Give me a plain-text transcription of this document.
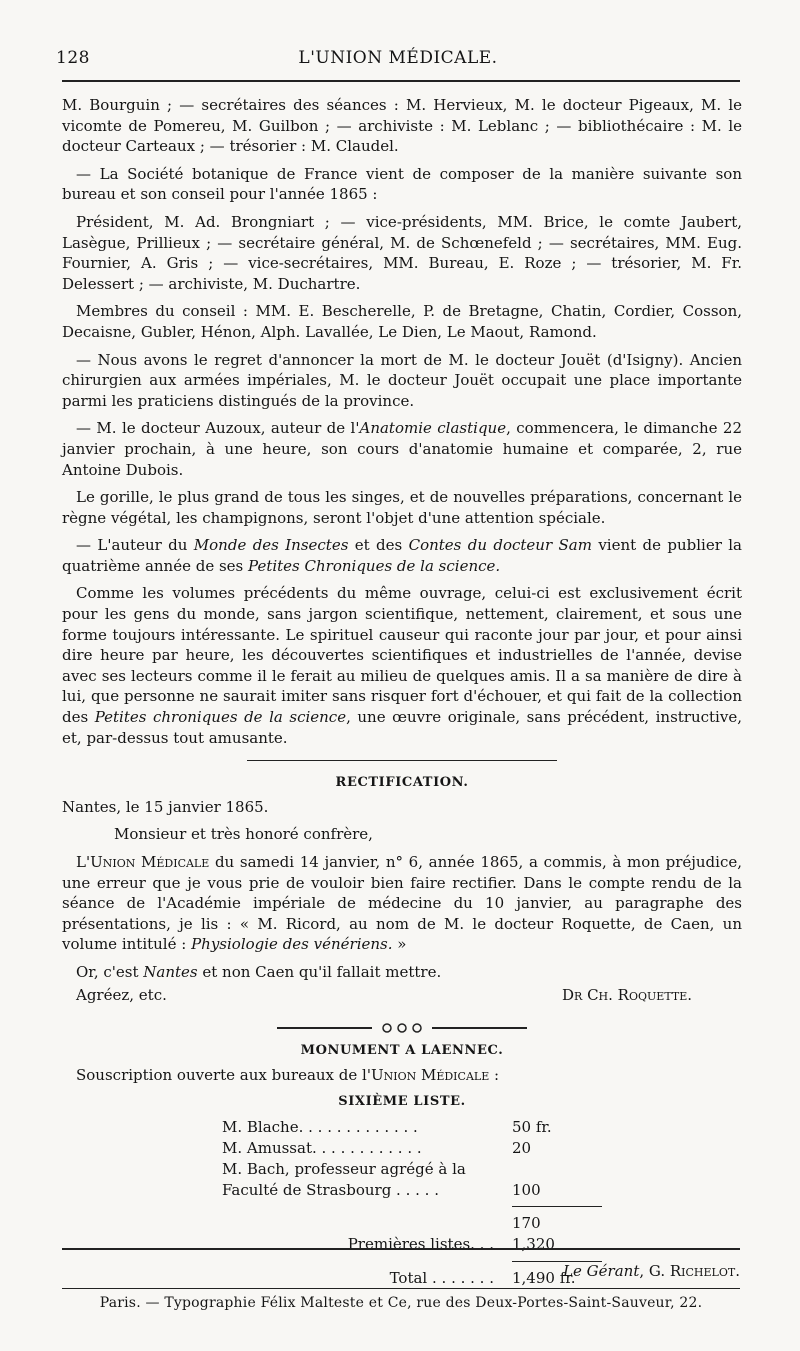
128	L'UNION MÉDICALE.

M. Bourguin ; — secrétaires des séances : M. Hervieux, M. le docteur Pigeaux, M. le vicomte de Pomereu, M. Guilbon ; — archiviste : M. Leblanc ; — bibliothécaire : M. le docteur Carteaux ; — trésorier : M. Claudel.

— La Société botanique de France vient de composer de la manière suivante son bureau et son conseil pour l'année 1865 :

Président, M. Ad. Brongniart ; — vice-présidents, MM. Brice, le comte Jaubert, Lasègue, Prillieux ; — secrétaire général, M. de Schœnefeld ; — secrétaires, MM. Eug. Fournier, A. Gris ; — vice-secrétaires, MM. Bureau, E. Roze ; — trésorier, M. Fr. Delessert ; — archiviste, M. Duchartre.

Membres du conseil : MM. E. Bescherelle, P. de Bretagne, Chatin, Cordier, Cosson, Decaisne, Gubler, Hénon, Alph. Lavallée, Le Dien, Le Maout, Ramond.

— Nous avons le regret d'annoncer la mort de M. le docteur Jouët (d'Isigny). Ancien chirurgien aux armées impériales, M. le docteur Jouët occupait une place importante parmi les praticiens distingués de la province.

— M. le docteur Auzoux, auteur de l'Anatomie clastique, commencera, le dimanche 22 janvier prochain, à une heure, son cours d'anatomie humaine et comparée, 2, rue Antoine Dubois.

Le gorille, le plus grand de tous les singes, et de nouvelles préparations, concernant le règne végétal, les champignons, seront l'objet d'une attention spéciale.

— L'auteur du Monde des Insectes et des Contes du docteur Sam vient de publier la quatrième année de ses Petites Chroniques de la science.

Comme les volumes précédents du même ouvrage, celui-ci est exclusivement écrit pour les gens du monde, sans jargon scientifique, nettement, clairement, et sous une forme toujours intéressante. Le spirituel causeur qui raconte jour par jour, et pour ainsi dire heure par heure, les découvertes scientifiques et industrielles de l'année, devise avec ses lecteurs comme il le ferait au milieu de quelques amis. Il a sa manière de dire à lui, que personne ne saurait imiter sans risquer fort d'échouer, et qui fait de la collection des Petites chroniques de la science, une œuvre originale, sans précédent, instructive, et, par-dessus tout amusante.

RECTIFICATION.

Nantes, le 15 janvier 1865.

Monsieur et très honoré confrère,

L'Union Médicale du samedi 14 janvier, n° 6, année 1865, a commis, à mon préjudice, une erreur que je vous prie de vouloir bien faire rectifier. Dans le compte rendu de la séance de l'Académie impériale de médecine du 10 janvier, au paragraphe des présentations, je lis : « M. Ricord, au nom de M. le docteur Roquette, de Caen, un volume intitulé : Physiologie des vénériens. »

Or, c'est Nantes et non Caen qu'il fallait mettre.

Agréez, etc.	Dr Ch. Roquette.
MONUMENT A LAENNEC.

Souscription ouverte aux bureaux de l'Union Médicale :

SIXIÈME LISTE.
M. Blache. . . . . . . . . . . . .	50 fr.
M. Amussat. . . . . . . . . . . .	20
M. Bach, professeur agrégé à la Faculté de Strasbourg . . . . .	100
170
Premières listes. . .	1,320
Total . . . . . . .	1,490 fr.
Le Gérant, G. Richelot.
Paris. — Typographie Félix Malteste et Ce, rue des Deux-Portes-Saint-Sauveur, 22.
